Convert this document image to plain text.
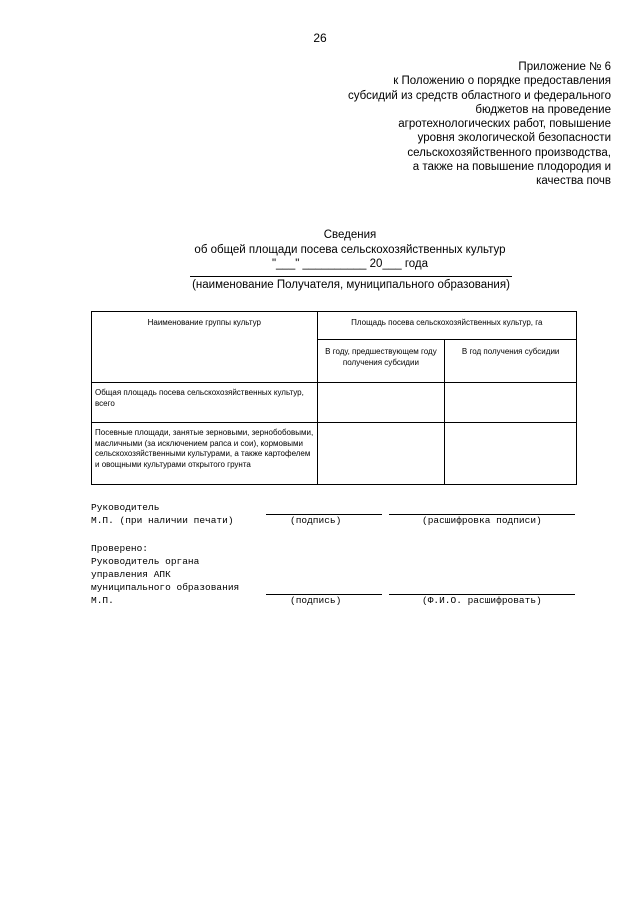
26
Приложение № 6
к Положению о порядке предоставления
субсидий из средств областного и федерального
бюджетов на проведение
агротехнологических работ, повышение
уровня экологической безопасности
сельскохозяйственного производства,
а также на повышение плодородия и
качества почв
Сведения
об общей площади посева сельскохозяйственных культур
"___" __________ 20___ года
(наименование Получателя, муниципального образования)
Наименование группы культур	Площадь посева сельскохозяйственных культур, га	
	В году, предшествующем году получения субсидии	В год получения субсидии
Общая площадь посева сельскохозяйственных культур, всего		
Посевные площади, занятые зерновыми, зернобобовыми, масличными (за исключением рапса и сои), кормовыми сельскохозяйственными культурами, а также картофелем и овощными культурами открытого грунта		
Руководитель
М.П. (при наличии печати)	(подпись)	(расшифровка подписи)
Проверено:
Руководитель органа
управления АПК
муниципального образования
М.П.	(подпись)	(Ф.И.О. расшифровать)
